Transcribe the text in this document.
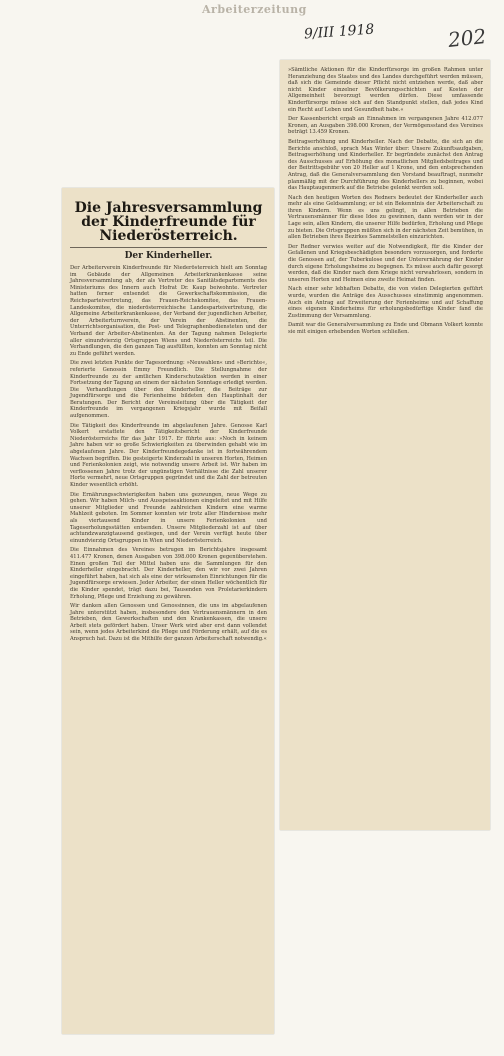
Arbeiterzeitung
9/III 1918	202
Die Jahresversammlung der Kinderfreunde für Niederösterreich.
Der Kinderheller.

Der Arbeiterverein Kinderfreunde für Niederösterreich hielt am Sonntag im Gebäude der Allgemeinen Arbeiterkrankenkasse seine Jahresversammlung ab, der als Vertreter des Sanitätsdepartements des Ministeriums des Innern auch Hofrat Dr. Kaup beiwohnte. Vertreter hatten ferner entsendet die Gewerkschaftskommission, die Reichsparteivertretung, das Frauen-Reichskomitee, das Frauen-Landeskomitee, die niederösterreichische Landesparteivertretung, die Allgemeine Arbeiterkrankenkasse, der Verband der jugendlichen Arbeiter, der Arbeiterturnverein, der Verein der Abstinenten, die Unterrichtsorganisation, die Post- und Telegraphenbediensteten und der Verband der Arbeiter-Abstinenten. An der Tagung nahmen Delegierte aller einundvierzig Ortsgruppen Wiens und Niederösterreichs teil. Die Verhandlungen, die den ganzen Tag ausfüllten, konnten am Sonntag nicht zu Ende geführt werden.

Die zwei letzten Punkte der Tagesordnung: »Neuwahlen« und »Berichte«, referierte Genossin Emmy Freundlich. Die Stellungnahme der Kinderfreunde zu der amtlichen Kinderschutzaktion werden in einer Fortsetzung der Tagung an einem der nächsten Sonntage erledigt werden. Die Verhandlungen über den Kinderheller, die Beiträge zur Jugendfürsorge und die Ferienheime bildeten den Hauptinhalt der Beratungen. Der Bericht der Vereinsleitung über die Tätigkeit der Kinderfreunde im vergangenen Kriegsjahr wurde mit Beifall aufgenommen.

Die Tätigkeit des Kinderfreunde im abgelaufenen Jahre. Genosse Karl Volkert erstattete den Tätigkeitsbericht der Kinderfreunde Niederösterreichs für das Jahr 1917. Er führte aus: »Noch in keinem Jahre haben wir so große Schwierigkeiten zu überwinden gehabt wie im abgelaufenen Jahre. Der Kinderfreundegedanke ist in fortwährendem Wachsen begriffen. Die gesteigerte Kinderzahl in unseren Horten, Heimen und Ferienkolonien zeigt, wie notwendig unsere Arbeit ist. Wir haben im verflossenen Jahre trotz der ungünstigen Verhältnisse die Zahl unserer Horte vermehrt, neue Ortsgruppen gegründet und die Zahl der betreuten Kinder wesentlich erhöht.

Die Ernährungsschwierigkeiten haben uns gezwungen, neue Wege zu gehen. Wir haben Milch- und Ausspeiseaktionen eingeleitet und mit Hilfe unserer Mitglieder und Freunde zahlreichen Kindern eine warme Mahlzeit geboten. Im Sommer konnten wir trotz aller Hindernisse mehr als viertausend Kinder in unsere Ferienkolonien und Tageserholungsstätten entsenden. Unsere Mitgliederzahl ist auf über achtundzwanzigtausend gestiegen, und der Verein verfügt heute über einundvierzig Ortsgruppen in Wien und Niederösterreich.

Die Einnahmen des Vereines betrugen im Berichtsjahre insgesamt 411.477 Kronen, denen Ausgaben von 398.000 Kronen gegenüberstehen. Einen großen Teil der Mittel haben uns die Sammlungen für den Kinderheller eingebracht. Der Kinderheller, den wir vor zwei Jahren eingeführt haben, hat sich als eine der wirksamsten Einrichtungen für die Jugendfürsorge erwiesen. Jeder Arbeiter, der einen Heller wöchentlich für die Kinder spendet, trägt dazu bei, Tausenden von Proletarierkindern Erholung, Pflege und Erziehung zu gewähren.

Wir danken allen Genossen und Genossinnen, die uns im abgelaufenen Jahre unterstützt haben, insbesondere den Vertrauensmännern in den Betrieben, den Gewerkschaften und den Krankenkassen, die unsere Arbeit stets gefördert haben. Unser Werk wird aber erst dann vollendet sein, wenn jedes Arbeiterkind die Pflege und Förderung erhält, auf die es Anspruch hat. Dazu ist die Mithilfe der ganzen Arbeiterschaft notwendig.«

»Sämtliche Aktionen für die Kinderfürsorge im großen Rahmen unter Heranziehung des Staates und des Landes durchgeführt werden müssen, daß sich die Gemeinde dieser Pflicht nicht entziehen werde, daß aber nicht Kinder einzelner Bevölkerungsschichten auf Kosten der Allgemeinheit bevorzugt werden dürfen. Diese umfassende Kinderfürsorge müsse sich auf den Standpunkt stellen, daß jedes Kind ein Recht auf Leben und Gesundheit habe.«

Der Kassenbericht ergab an Einnahmen im vergangenen Jahre 412.077 Kronen, an Ausgaben 398.000 Kronen, der Vermögensstand des Vereines beträgt 13.459 Kronen.

Beitragserhöhung und Kinderheller. Nach der Debatte, die sich an die Berichte anschloß, sprach Max Winter über: Unsere Zukunftsaufgaben, Beitragserhöhung und Kinderheller. Er begründete zunächst den Antrag des Ausschusses auf Erhöhung des monatlichen Mitgliedsbeitrages und der Beitrittsgebühr von 20 Heller auf 1 Krone, und den entsprechenden Antrag, daß die Generalversammlung den Vorstand beauftragt, nunmehr planmäßig mit der Durchführung des Kinderhellers zu beginnen, wobei das Hauptaugenmerk auf die Betriebe gelenkt werden soll.

Nach den heutigen Worten des Redners bedeutet der Kinderheller auch mehr als eine Geldsammlung; er ist ein Bekenntnis der Arbeiterschaft zu ihren Kindern. Wenn es uns gelingt, in allen Betrieben die Vertrauensmänner für diese Idee zu gewinnen, dann werden wir in der Lage sein, allen Kindern, die unserer Hilfe bedürfen, Erholung und Pflege zu bieten. Die Ortsgruppen müßten sich in der nächsten Zeit bemühen, in allen Betrieben ihres Bezirkes Sammelstellen einzurichten.

Der Redner verwies weiter auf die Notwendigkeit, für die Kinder der Gefallenen und Kriegsbeschädigten besonders vorzusorgen, und forderte die Genossen auf, der Tuberkulose und der Unterernährung der Kinder durch eigene Erholungsheime zu begegnen. Es müsse auch dafür gesorgt werden, daß die Kinder nach dem Kriege nicht verwahrlosen, sondern in unseren Horten und Heimen eine zweite Heimat finden.

Nach einer sehr lebhaften Debatte, die von vielen Delegierten geführt wurde, wurden die Anträge des Ausschusses einstimmig angenommen. Auch ein Antrag auf Erweiterung der Ferienheime und auf Schaffung eines eigenen Kinderheims für erholungsbedürftige Kinder fand die Zustimmung der Versammlung.

Damit war die Generalversammlung zu Ende und Obmann Volkert konnte sie mit einigen erhebenden Worten schließen.
